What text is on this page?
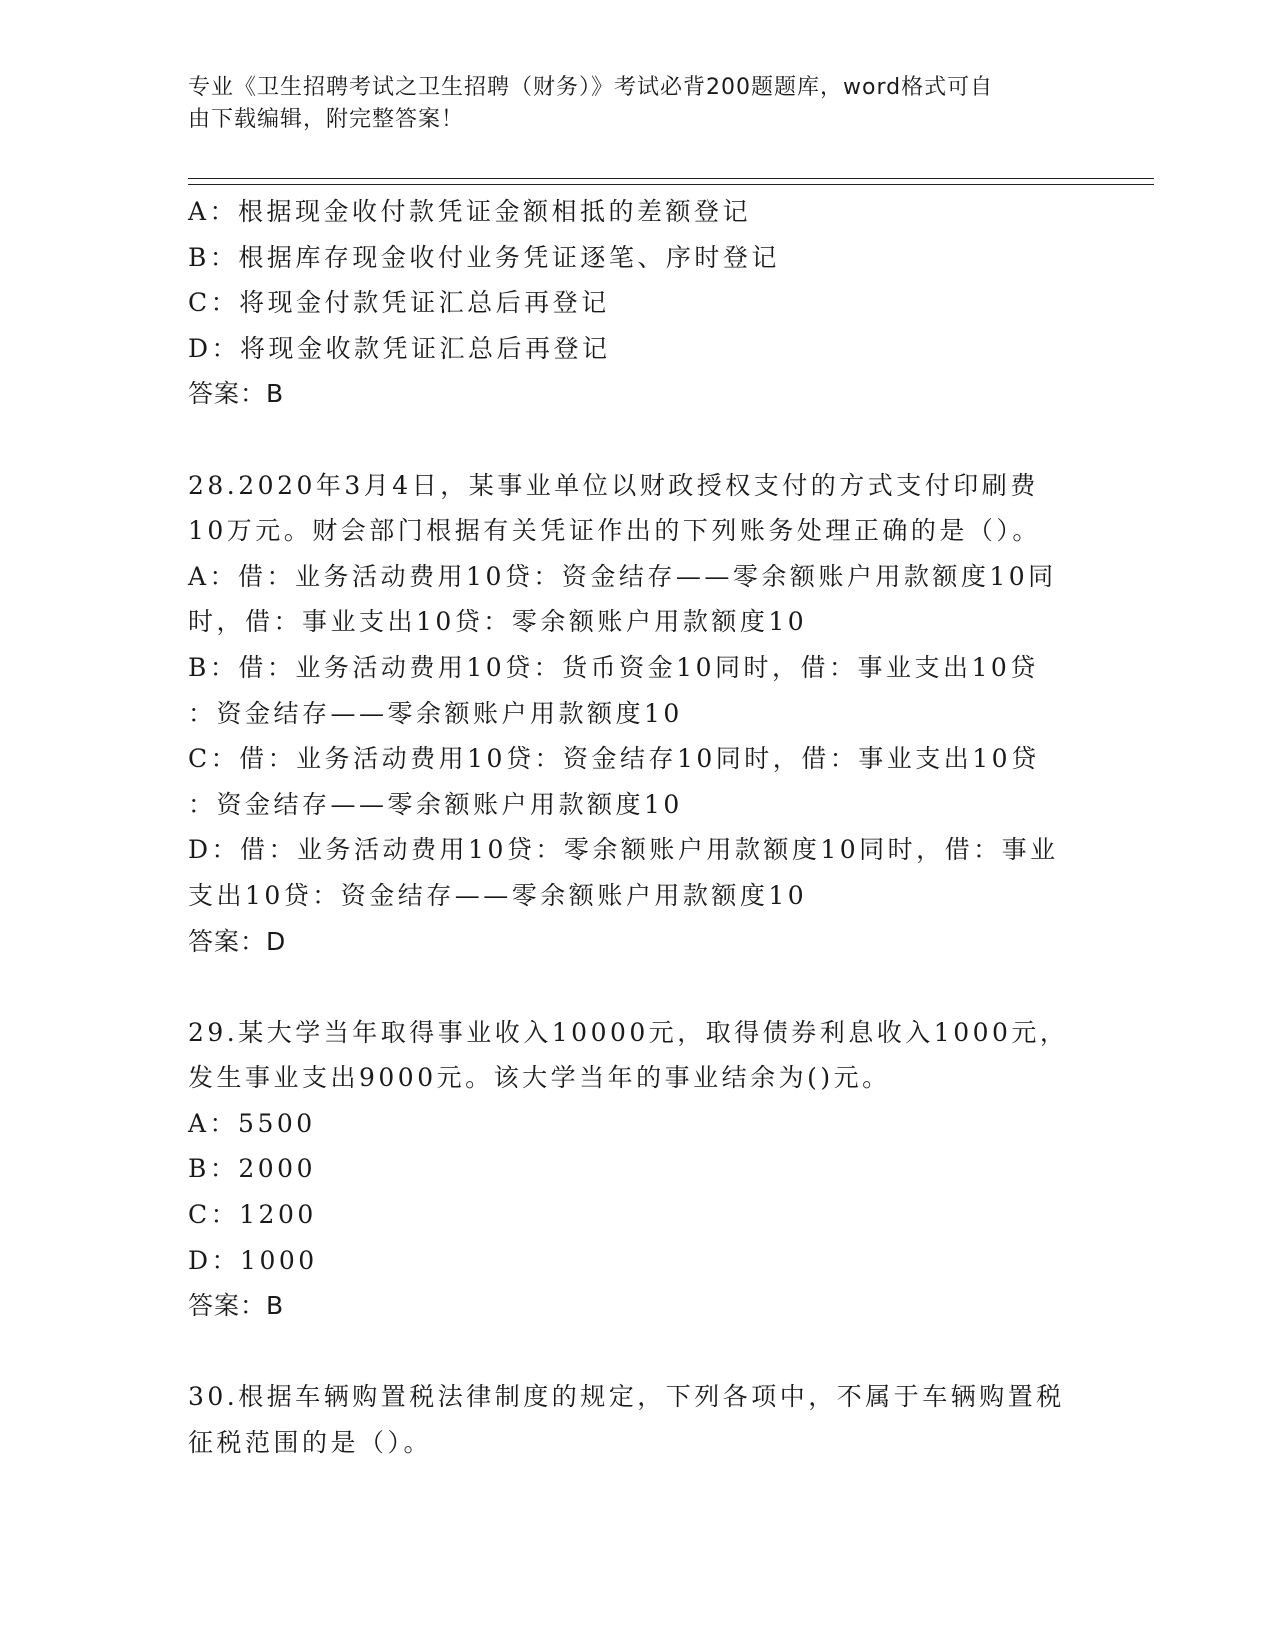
专业《卫生招聘考试之卫生招聘（财务）》考试必背200题题库，word格式可自
由下载编辑，附完整答案！
A：根据现金收付款凭证金额相抵的差额登记
B：根据库存现金收付业务凭证逐笔、序时登记
C：将现金付款凭证汇总后再登记
D：将现金收款凭证汇总后再登记
答案：B
28.2020年3月4日，某事业单位以财政授权支付的方式支付印刷费
10万元。财会部门根据有关凭证作出的下列账务处理正确的是（）。
A：借：业务活动费用10贷：资金结存——零余额账户用款额度10同
时，借：事业支出10贷：零余额账户用款额度10
B：借：业务活动费用10贷：货币资金10同时，借：事业支出10贷
：资金结存——零余额账户用款额度10
C：借：业务活动费用10贷：资金结存10同时，借：事业支出10贷
：资金结存——零余额账户用款额度10
D：借：业务活动费用10贷：零余额账户用款额度10同时，借：事业
支出10贷：资金结存——零余额账户用款额度10
答案：D
29.某大学当年取得事业收入10000元，取得债券利息收入1000元，
发生事业支出9000元。该大学当年的事业结余为()元。
A：5500
B：2000
C：1200
D：1000
答案：B
30.根据车辆购置税法律制度的规定，下列各项中，不属于车辆购置税
征税范围的是（）。
